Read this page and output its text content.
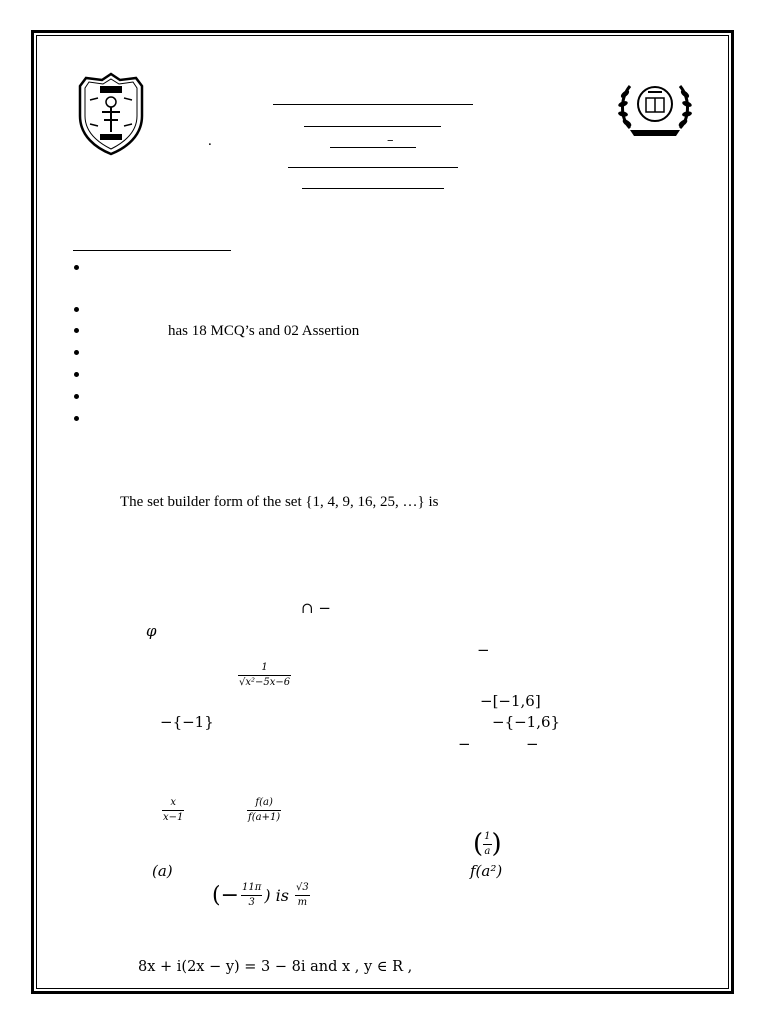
–
.
has 18 MCQ’s and 02 Assertion
The set builder form of the set {1, 4, 9, 16, 25, …} is
∩ −
φ
−
1
√x²−5x−6
−[−1,6]
−{−1}	−{−1,6}
−	−
x
x−1
f(a)
f(a+1)
( $\frac{1}{a}$ )
(a)	f(a²)
(− $\frac{11\pi}{3}$ ) is $\frac{√3}{m}$
8x + i(2x − y) = 3 − 8i and x , y ∈ R ,
